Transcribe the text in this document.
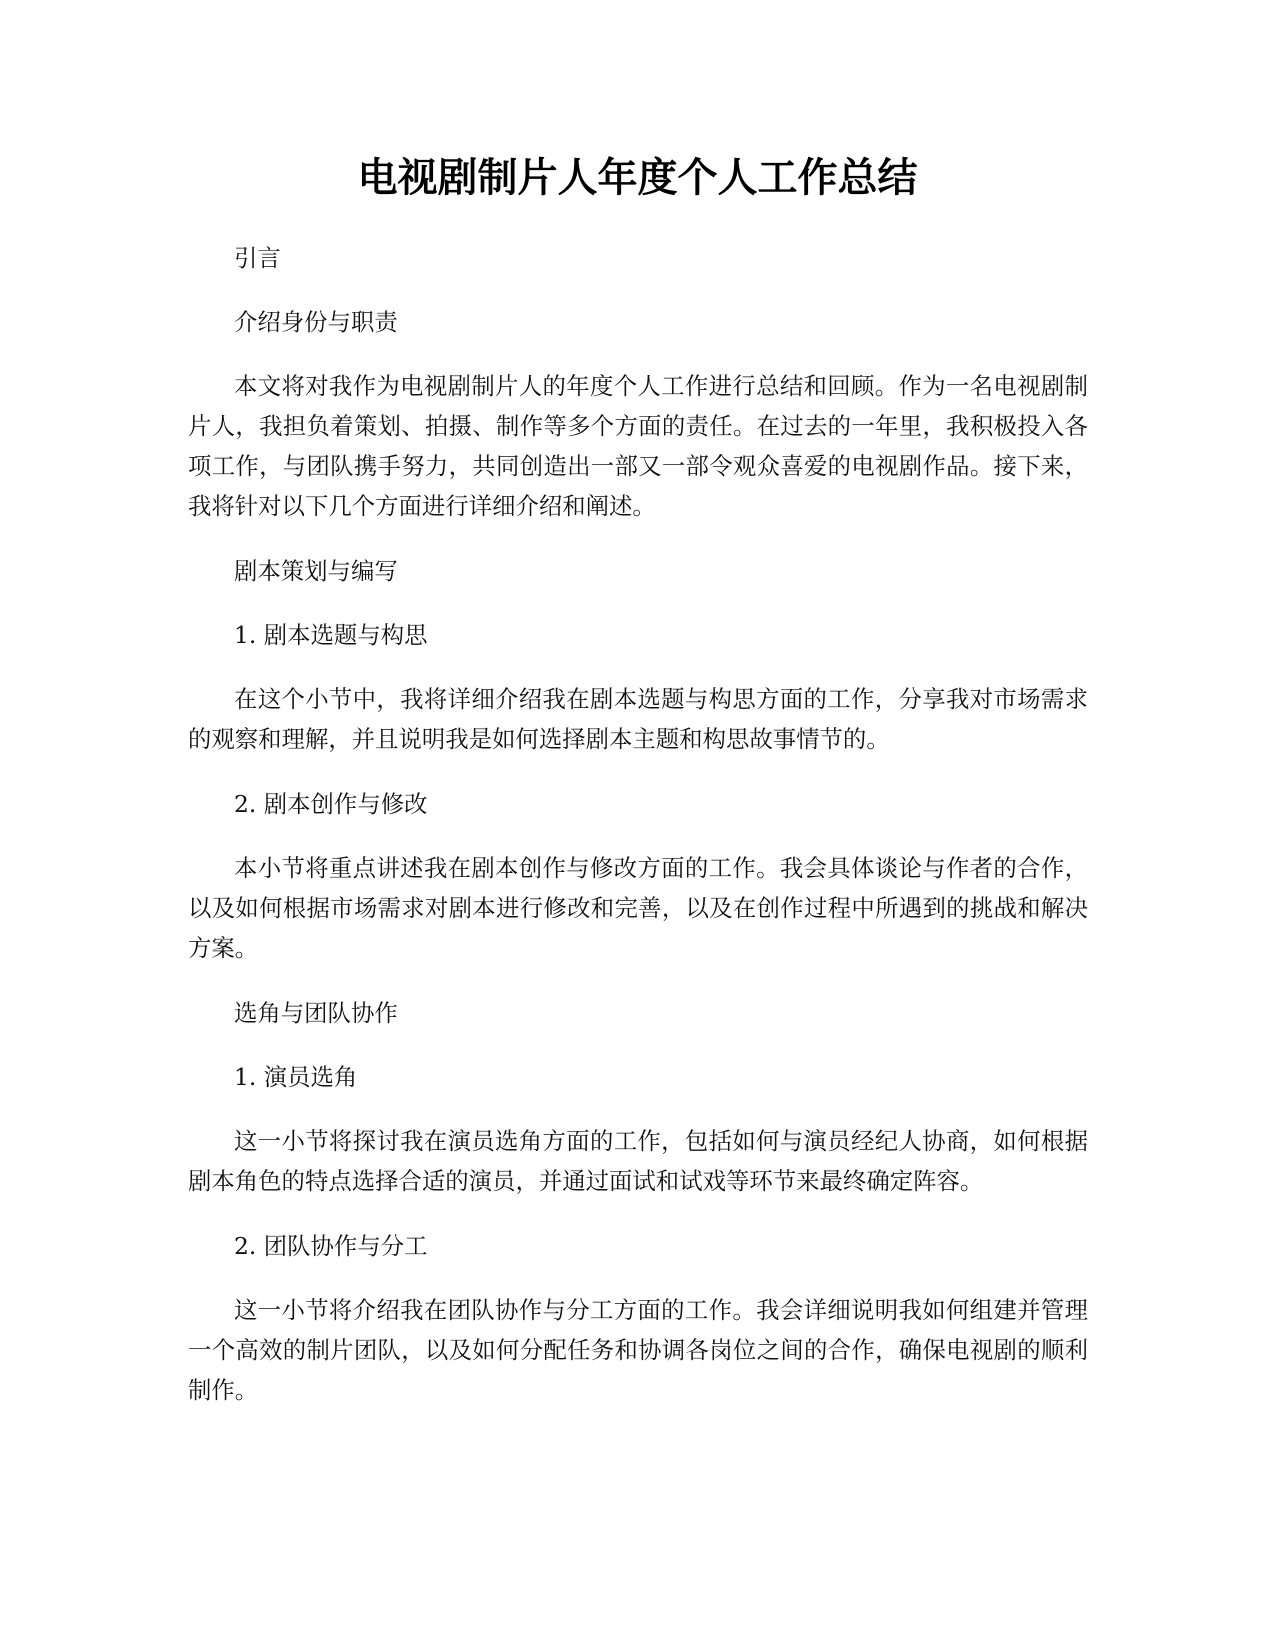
电视剧制片人年度个人工作总结

引言

介绍身份与职责

本文将对我作为电视剧制片人的年度个人工作进行总结和回顾。作为一名电视剧制片人，我担负着策划、拍摄、制作等多个方面的责任。在过去的一年里，我积极投入各项工作，与团队携手努力，共同创造出一部又一部令观众喜爱的电视剧作品。接下来，我将针对以下几个方面进行详细介绍和阐述。

剧本策划与编写

1. 剧本选题与构思

在这个小节中，我将详细介绍我在剧本选题与构思方面的工作，分享我对市场需求的观察和理解，并且说明我是如何选择剧本主题和构思故事情节的。

2. 剧本创作与修改

本小节将重点讲述我在剧本创作与修改方面的工作。我会具体谈论与作者的合作，以及如何根据市场需求对剧本进行修改和完善，以及在创作过程中所遇到的挑战和解决方案。

选角与团队协作

1. 演员选角

这一小节将探讨我在演员选角方面的工作，包括如何与演员经纪人协商，如何根据剧本角色的特点选择合适的演员，并通过面试和试戏等环节来最终确定阵容。

2. 团队协作与分工

这一小节将介绍我在团队协作与分工方面的工作。我会详细说明我如何组建并管理一个高效的制片团队，以及如何分配任务和协调各岗位之间的合作，确保电视剧的顺利制作。
